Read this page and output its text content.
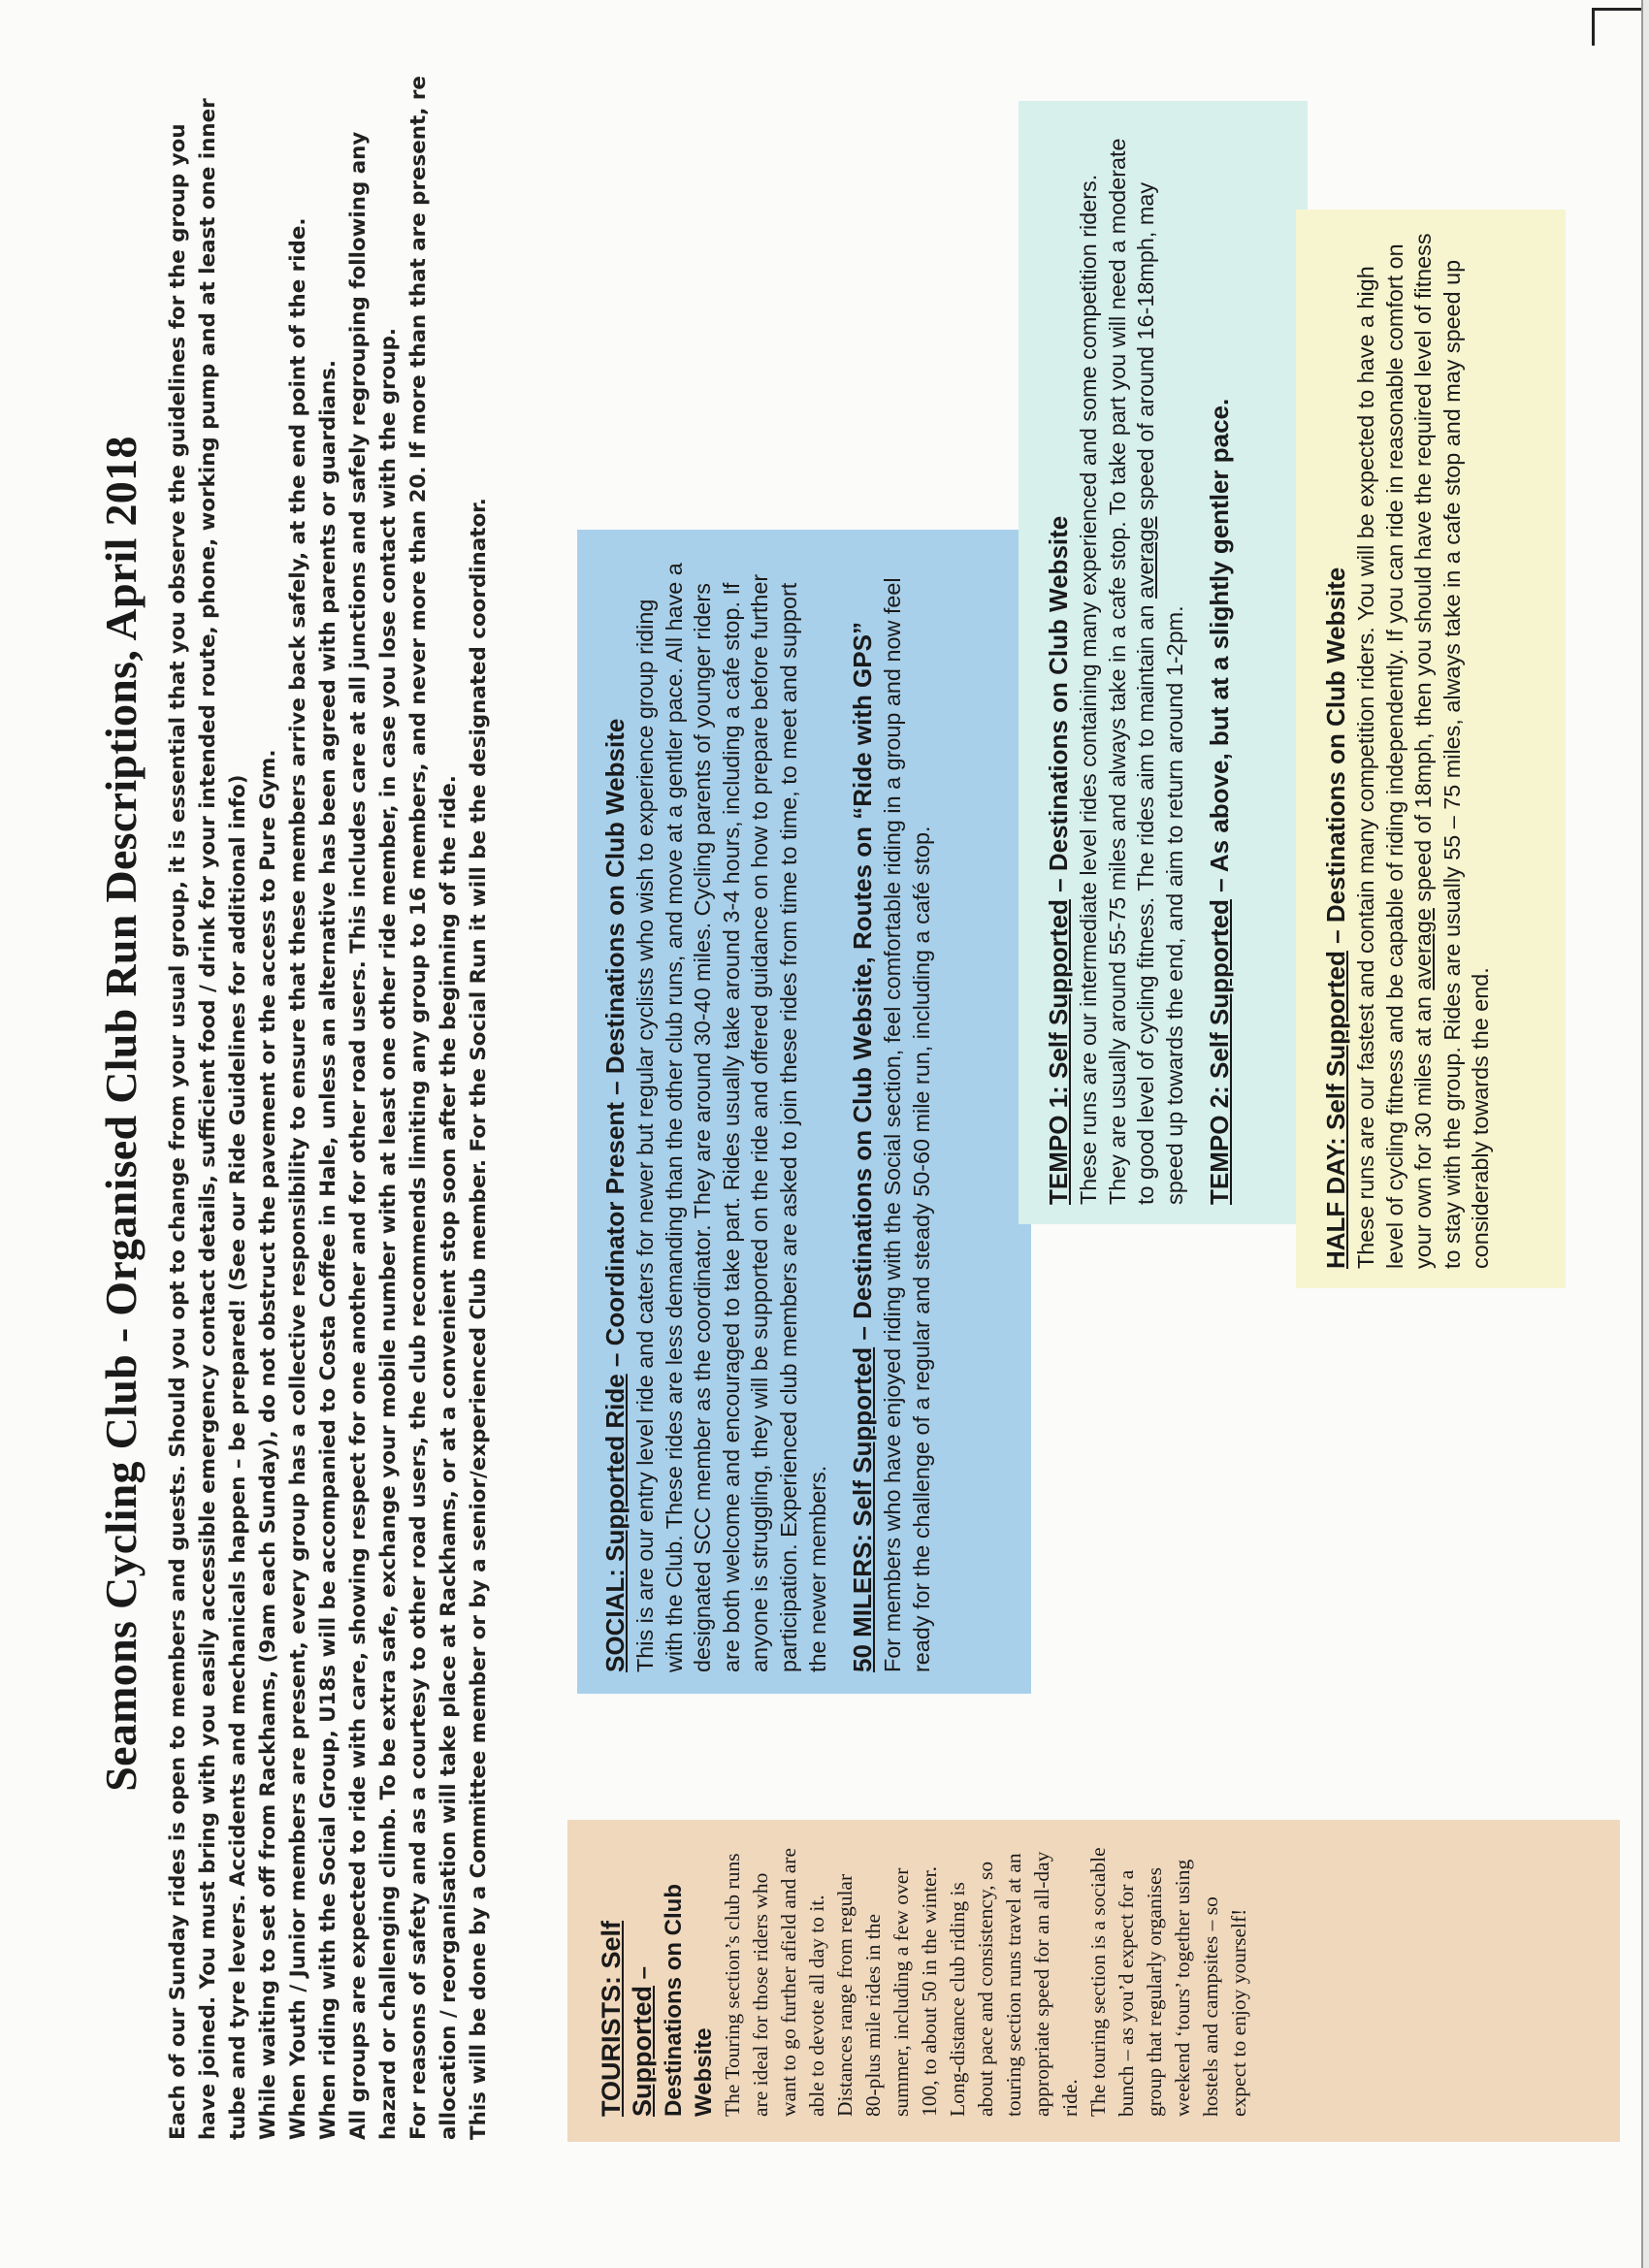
Seamons Cycling Club - Organised Club Run Descriptions, April 2018 Each of our Sunday rides is open to members and guests. Should you opt to change from your usual group, it is essential that you observe the guidelines for the group you have joined. You must bring with you easily accessible emergency contact details, sufficient food / drink for your intended route, phone, working pump and at least one inner tube and tyre levers. Accidents and mechanicals happen – be prepared! (See our Ride Guidelines for additional info) While waiting to set off from Rackhams, (9am each Sunday), do not obstruct the pavement or the access to Pure Gym. When Youth / Junior members are present, every group has a collective responsibility to ensure that these members arrive back safely, at the end point of the ride. When riding with the Social Group, U18s will be accompanied to Costa Coffee in Hale, unless an alternative has been agreed with parents or guardians. All groups are expected to ride with care, showing respect for one another and for other road users. This includes care at all junctions and safely regrouping following any hazard or challenging climb. To be extra safe, exchange your mobile number with at least one other ride member, in case you lose contact with the group. For reasons of safety and as a courtesy to other road users, the club recommends limiting any group to 16 members, and never more than 20. If more than that are present, re allocation / reorganisation will take place at Rackhams, or at a convenient stop soon after the beginning of the ride. This will be done by a Committee member or by a senior/experienced Club member. For the Social Run it will be the designated coordinator.	TOURISTS: Self Supported – Destinations on Club Website The Touring section’s club runs are ideal for those riders who want to go further afield and are able to devote all day to it. Distances range from regular 80-plus mile rides in the summer, including a few over 100, to about 50 in the winter. Long-distance club riding is about pace and consistency, so touring section runs travel at an appropriate speed for an all-day ride. The touring section is a sociable bunch – as you’d expect for a group that regularly organises weekend ‘tours’ together using hostels and campsites – so expect to enjoy yourself!

SOCIAL: Supported Ride – Coordinator Present – Destinations on Club Website This is are our entry level ride and caters for newer but regular cyclists who wish to experience group riding with the Club. These rides are less demanding than the other club runs, and move at a gentler pace. All have a designated SCC member as the coordinator. They are around 30-40 miles. Cycling parents of younger riders are both welcome and encouraged to take part. Rides usually take around 3-4 hours, including a cafe stop. If anyone is struggling, they will be supported on the ride and offered guidance on how to prepare before further participation. Experienced club members are asked to join these rides from time to time, to meet and support the newer members. 50 MILERS: Self Supported – Destinations on Club Website, Routes on “Ride with GPS” For members who have enjoyed riding with the Social section, feel comfortable riding in a group and now feel ready for the challenge of a regular and steady 50-60 mile run, including a café stop.	TEMPO 1: Self Supported – Destinations on Club Website These runs are our intermediate level rides containing many experienced and some competition riders. They are usually around 55-75 miles and always take in a cafe stop. To take part you will need a moderate to good level of cycling fitness. The rides aim to maintain an average speed of around 16-18mph, may speed up towards the end, and aim to return around 1-2pm. TEMPO 2: Self Supported – As above, but at a slightly gentler pace.

HALF DAY: Self Supported – Destinations on Club Website These runs are our fastest and contain many competition riders. You will be expected to have a high level of cycling fitness and be capable of riding independently. If you can ride in reasonable comfort on your own for 30 miles at an average speed of 18mph, then you should have the required level of fitness to stay with the group. Rides are usually 55 – 75 miles, always take in a cafe stop and may speed up considerably towards the end.
